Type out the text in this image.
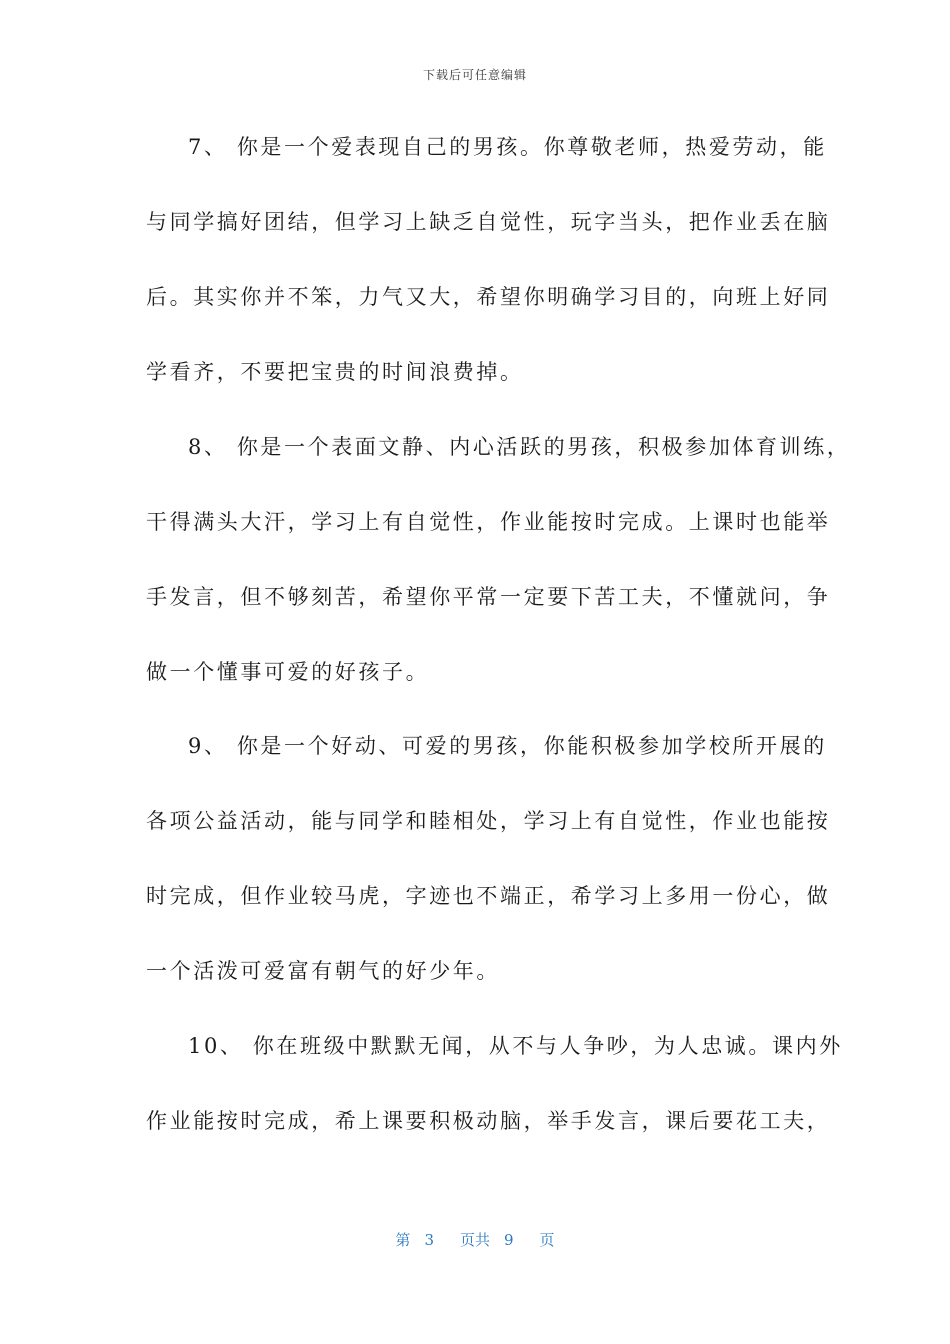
下载后可任意编辑
7、 你是一个爱表现自己的男孩。你尊敬老师，热爱劳动，能
与同学搞好团结，但学习上缺乏自觉性，玩字当头，把作业丢在脑
后。其实你并不笨，力气又大，希望你明确学习目的，向班上好同
学看齐，不要把宝贵的时间浪费掉。
8、 你是一个表面文静、内心活跃的男孩，积极参加体育训练，
干得满头大汗，学习上有自觉性，作业能按时完成。上课时也能举
手发言，但不够刻苦，希望你平常一定要下苦工夫，不懂就问，争
做一个懂事可爱的好孩子。
9、 你是一个好动、可爱的男孩，你能积极参加学校所开展的
各项公益活动，能与同学和睦相处，学习上有自觉性，作业也能按
时完成，但作业较马虎，字迹也不端正，希学习上多用一份心，做
一个活泼可爱富有朝气的好少年。
10、 你在班级中默默无闻，从不与人争吵，为人忠诚。课内外
作业能按时完成，希上课要积极动脑，举手发言，课后要花工夫，
第 3 页共 9 页
